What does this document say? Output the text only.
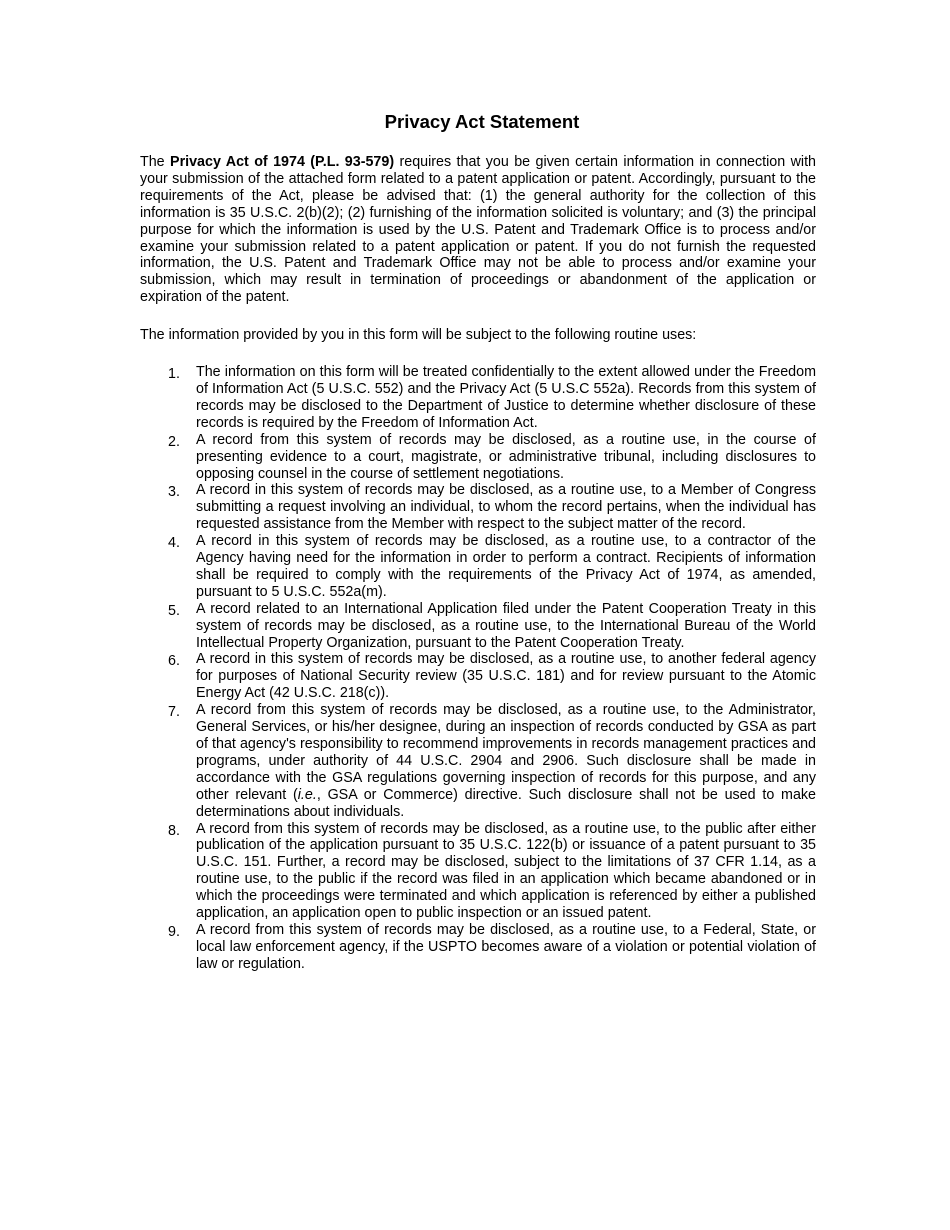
Privacy Act Statement

The Privacy Act of 1974 (P.L. 93-579) requires that you be given certain information in connection with your submission of the attached form related to a patent application or patent. Accordingly, pursuant to the requirements of the Act, please be advised that: (1) the general authority for the collection of this information is 35 U.S.C. 2(b)(2); (2) furnishing of the information solicited is voluntary; and (3) the principal purpose for which the information is used by the U.S. Patent and Trademark Office is to process and/or examine your submission related to a patent application or patent. If you do not furnish the requested information, the U.S. Patent and Trademark Office may not be able to process and/or examine your submission, which may result in termination of proceedings or abandonment of the application or expiration of the patent.

The information provided by you in this form will be subject to the following routine uses:

1. The information on this form will be treated confidentially to the extent allowed under the Freedom of Information Act (5 U.S.C. 552) and the Privacy Act (5 U.S.C 552a). Records from this system of records may be disclosed to the Department of Justice to determine whether disclosure of these records is required by the Freedom of Information Act.
2. A record from this system of records may be disclosed, as a routine use, in the course of presenting evidence to a court, magistrate, or administrative tribunal, including disclosures to opposing counsel in the course of settlement negotiations.
3. A record in this system of records may be disclosed, as a routine use, to a Member of Congress submitting a request involving an individual, to whom the record pertains, when the individual has requested assistance from the Member with respect to the subject matter of the record.
4. A record in this system of records may be disclosed, as a routine use, to a contractor of the Agency having need for the information in order to perform a contract. Recipients of information shall be required to comply with the requirements of the Privacy Act of 1974, as amended, pursuant to 5 U.S.C. 552a(m).
5. A record related to an International Application filed under the Patent Cooperation Treaty in this system of records may be disclosed, as a routine use, to the International Bureau of the World Intellectual Property Organization, pursuant to the Patent Cooperation Treaty.
6. A record in this system of records may be disclosed, as a routine use, to another federal agency for purposes of National Security review (35 U.S.C. 181) and for review pursuant to the Atomic Energy Act (42 U.S.C. 218(c)).
7. A record from this system of records may be disclosed, as a routine use, to the Administrator, General Services, or his/her designee, during an inspection of records conducted by GSA as part of that agency's responsibility to recommend improvements in records management practices and programs, under authority of 44 U.S.C. 2904 and 2906. Such disclosure shall be made in accordance with the GSA regulations governing inspection of records for this purpose, and any other relevant (i.e., GSA or Commerce) directive. Such disclosure shall not be used to make determinations about individuals.
8. A record from this system of records may be disclosed, as a routine use, to the public after either publication of the application pursuant to 35 U.S.C. 122(b) or issuance of a patent pursuant to 35 U.S.C. 151. Further, a record may be disclosed, subject to the limitations of 37 CFR 1.14, as a routine use, to the public if the record was filed in an application which became abandoned or in which the proceedings were terminated and which application is referenced by either a published application, an application open to public inspection or an issued patent.
9. A record from this system of records may be disclosed, as a routine use, to a Federal, State, or local law enforcement agency, if the USPTO becomes aware of a violation or potential violation of law or regulation.
